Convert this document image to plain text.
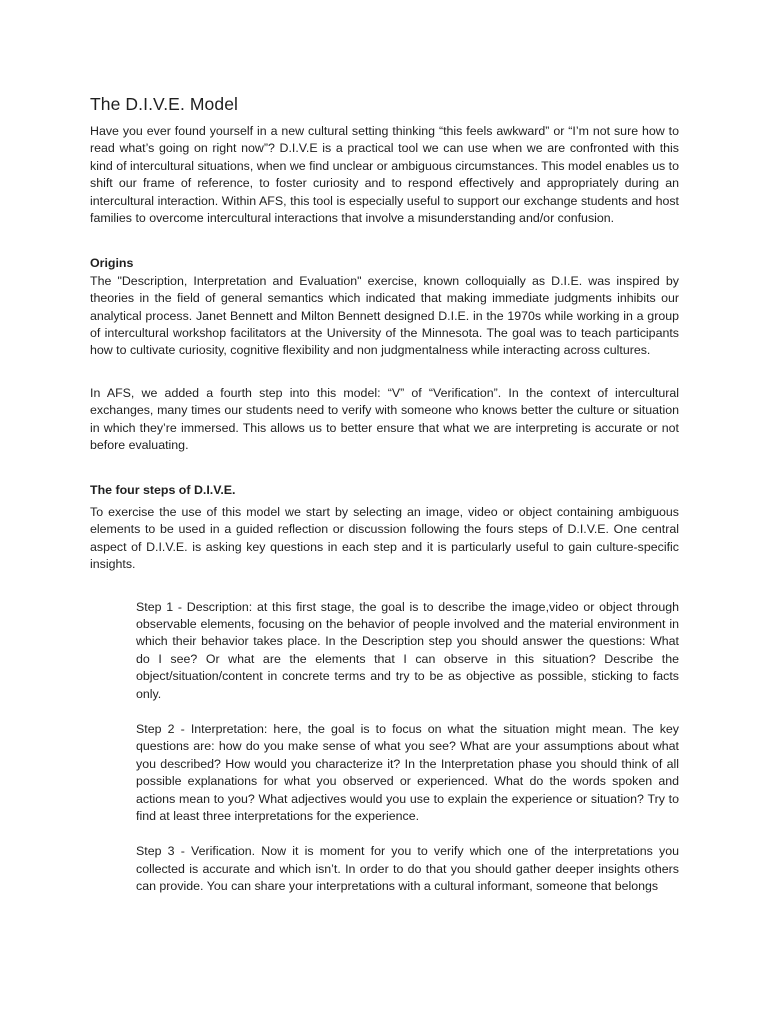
The D.I.V.E. Model

Have you ever found yourself in a new cultural setting thinking “this feels awkward” or “I’m not sure how to read what’s going on right now”? D.I.V.E is a practical tool we can use when we are confronted with this kind of intercultural situations, when we find unclear or ambiguous circumstances. This model enables us to shift our frame of reference, to foster curiosity and to respond effectively and appropriately during an intercultural interaction. Within AFS, this tool is especially useful to support our exchange students and host families to overcome intercultural interactions that involve a misunderstanding and/or confusion.

Origins

The "Description, Interpretation and Evaluation" exercise, known colloquially as D.I.E. was inspired by theories in the field of general semantics which indicated that making immediate judgments inhibits our analytical process. Janet Bennett and Milton Bennett designed D.I.E. in the 1970s while working in a group of intercultural workshop facilitators at the University of the Minnesota. The goal was to teach participants how to cultivate curiosity, cognitive flexibility and non judgmentalness while interacting across cultures.

In AFS, we added a fourth step into this model: “V” of “Verification”. In the context of intercultural exchanges, many times our students need to verify with someone who knows better the culture or situation in which they’re immersed. This allows us to better ensure that what we are interpreting is accurate or not before evaluating.

The four steps of D.I.V.E.

To exercise the use of this model we start by selecting an image, video or object containing ambiguous elements to be used in a guided reflection or discussion following the fours steps of D.I.V.E. One central aspect of D.I.V.E. is asking key questions in each step and it is particularly useful to gain culture-specific insights.

Step 1 - Description: at this first stage, the goal is to describe the image,video or object through observable elements, focusing on the behavior of people involved and the material environment in which their behavior takes place. In the Description step you should answer the questions: What do I see? Or what are the elements that I can observe in this situation? Describe the object/situation/content in concrete terms and try to be as objective as possible, sticking to facts only.

Step 2 - Interpretation: here, the goal is to focus on what the situation might mean. The key questions are: how do you make sense of what you see? What are your assumptions about what you described? How would you characterize it? In the Interpretation phase you should think of all possible explanations for what you observed or experienced. What do the words spoken and actions mean to you? What adjectives would you use to explain the experience or situation? Try to find at least three interpretations for the experience.

Step 3 - Verification. Now it is moment for you to verify which one of the interpretations you collected is accurate and which isn’t. In order to do that you should gather deeper insights others can provide. You can share your interpretations with a cultural informant, someone that belongs
